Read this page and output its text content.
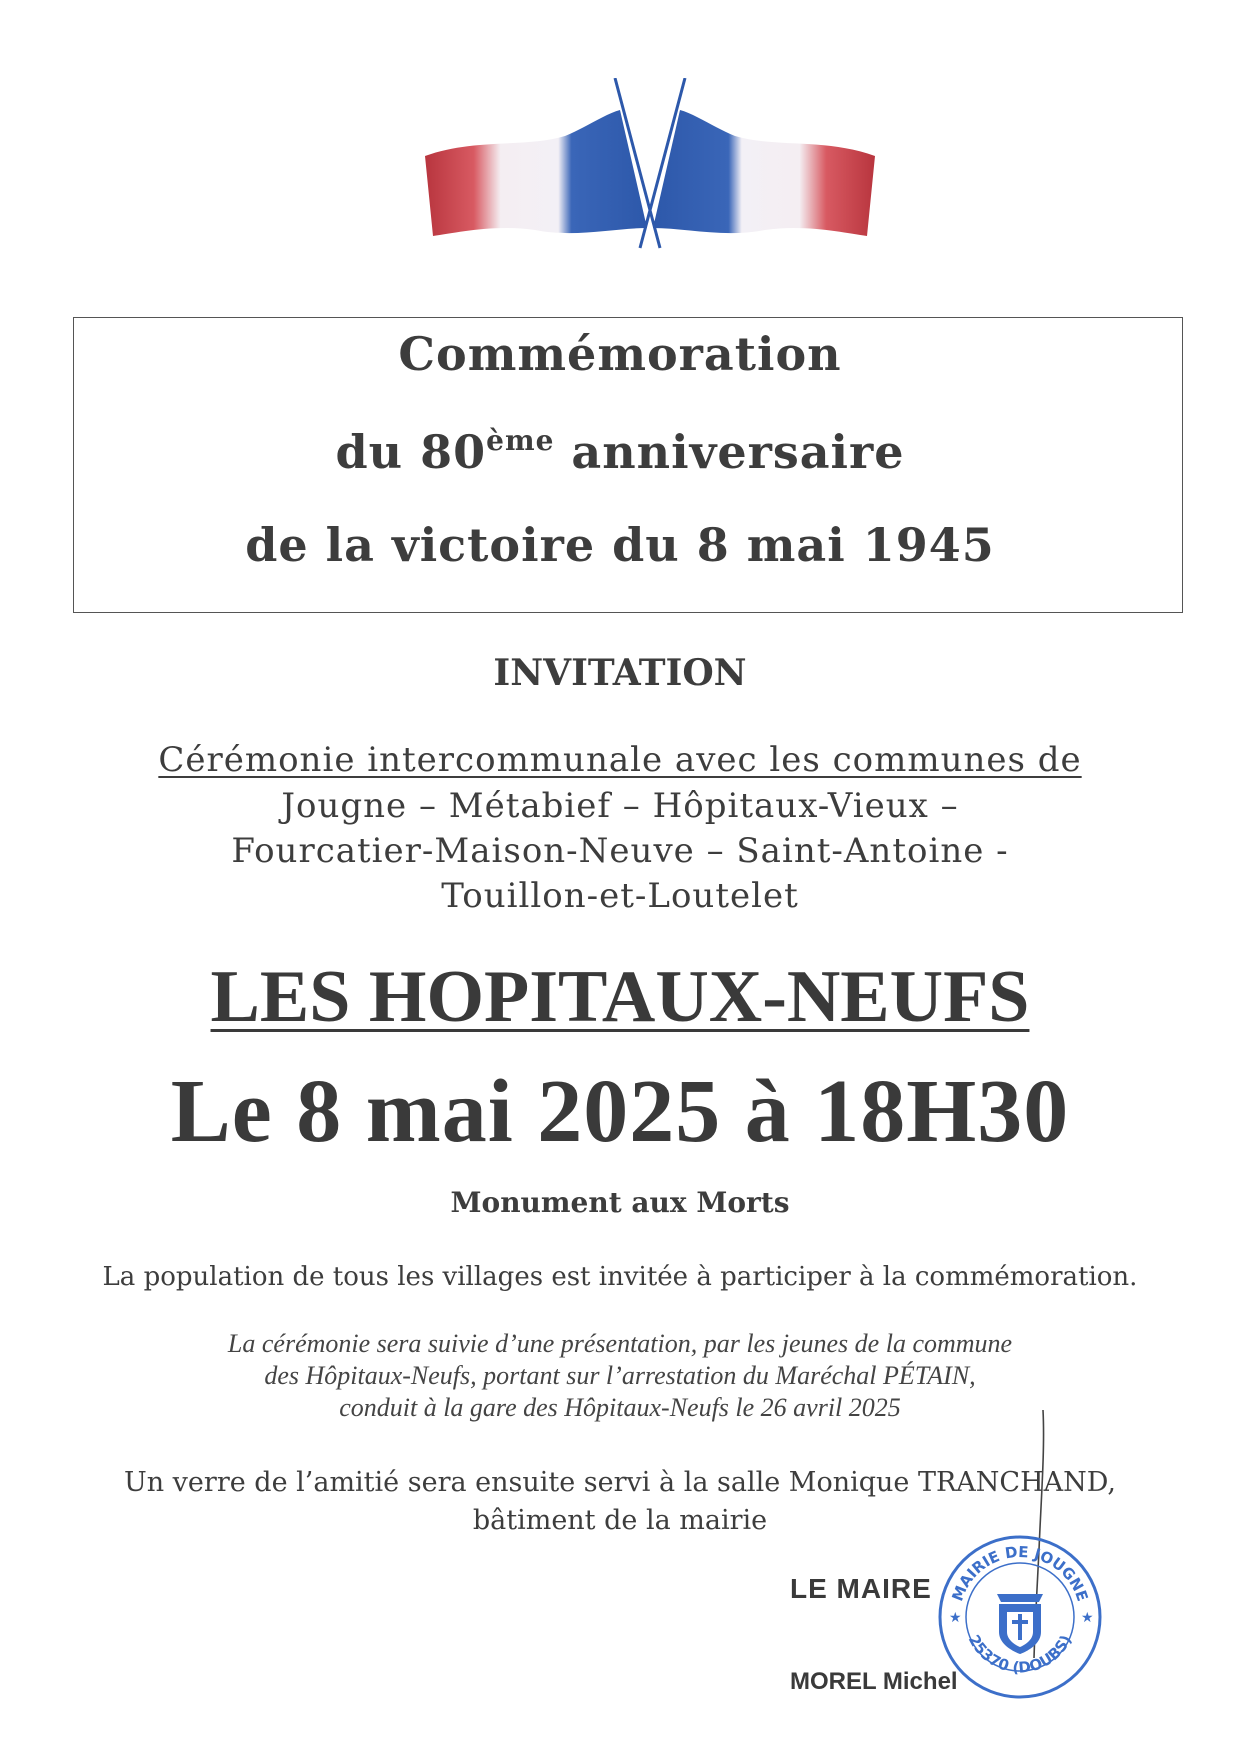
Commémoration
du 80ème anniversaire
de la victoire du 8 mai 1945
INVITATION
Cérémonie intercommunale avec les communes de
Jougne – Métabief – Hôpitaux-Vieux –
Fourcatier-Maison-Neuve – Saint-Antoine -
Touillon-et-Loutelet
LES HOPITAUX-NEUFS
Le 8 mai 2025 à 18H30
Monument aux Morts
La population de tous les villages est invitée à participer à la commémoration.
La cérémonie sera suivie d’une présentation, par les jeunes de la commune
des Hôpitaux-Neufs, portant sur l’arrestation du Maréchal PÉTAIN,
conduit à la gare des Hôpitaux-Neufs le 26 avril 2025
Un verre de l’amitié sera ensuite servi à la salle Monique TRANCHAND,
bâtiment de la mairie
LE MAIRE
MOREL Michel
MAIRIE DE JOUGNE
25370 (DOUBS)
★	★
